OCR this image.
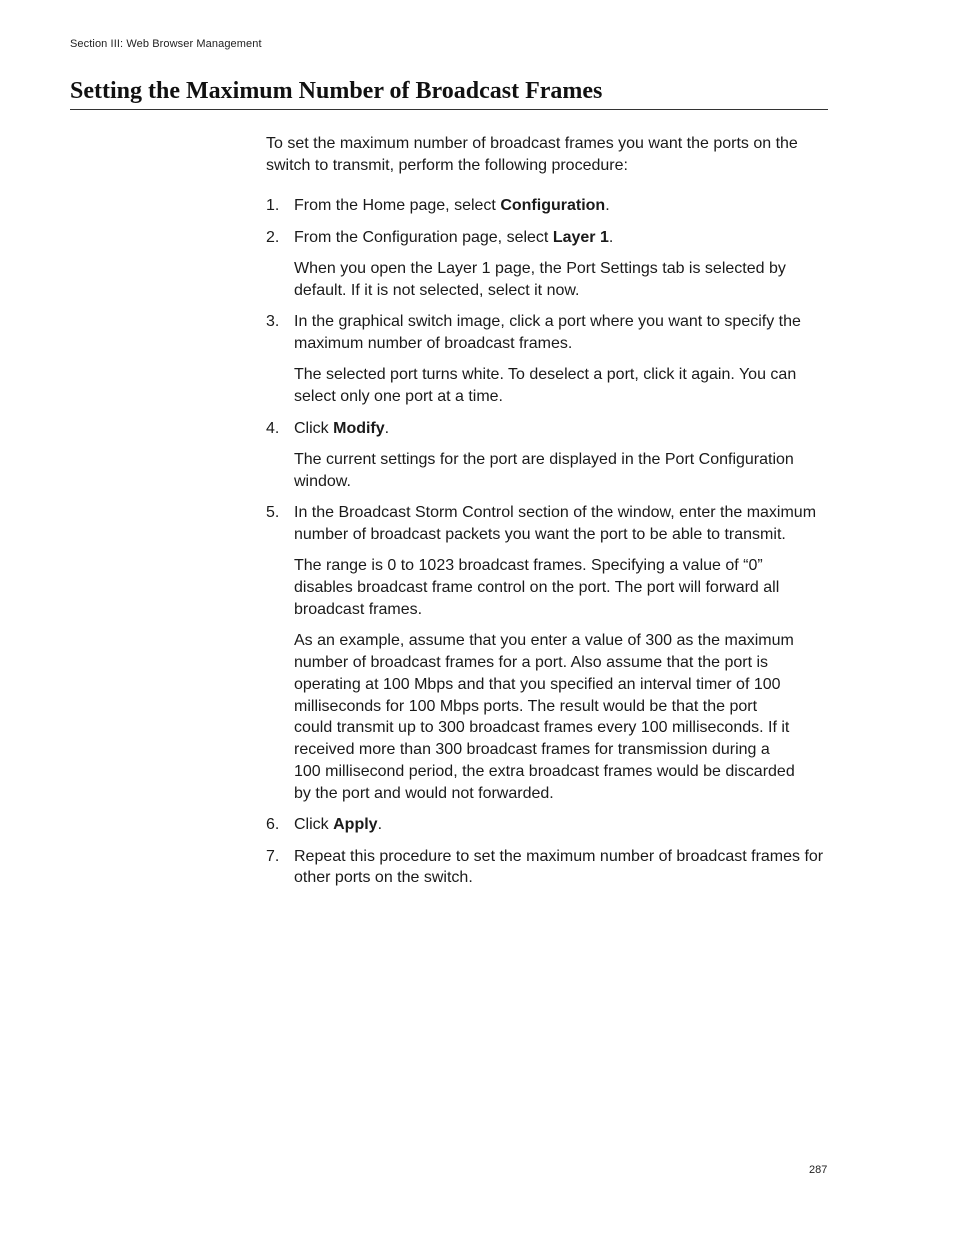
Section III: Web Browser Management
Setting the Maximum Number of Broadcast Frames

To set the maximum number of broadcast frames you want the ports on the switch to transmit, perform the following procedure:

1. From the Home page, select Configuration.

2. From the Configuration page, select Layer 1.

When you open the Layer 1 page, the Port Settings tab is selected by default. If it is not selected, select it now.

3. In the graphical switch image, click a port where you want to specify the maximum number of broadcast frames.

The selected port turns white. To deselect a port, click it again. You can select only one port at a time.

4. Click Modify.

The current settings for the port are displayed in the Port Configuration window.

5. In the Broadcast Storm Control section of the window, enter the maximum number of broadcast packets you want the port to be able to transmit.

The range is 0 to 1023 broadcast frames. Specifying a value of “0” disables broadcast frame control on the port. The port will forward all broadcast frames.

As an example, assume that you enter a value of 300 as the maximum number of broadcast frames for a port. Also assume that the port is operating at 100 Mbps and that you specified an interval timer of 100 milliseconds for 100 Mbps ports. The result would be that the port could transmit up to 300 broadcast frames every 100 milliseconds. If it received more than 300 broadcast frames for transmission during a 100 millisecond period, the extra broadcast frames would be discarded by the port and would not forwarded.

6. Click Apply.

7. Repeat this procedure to set the maximum number of broadcast frames for other ports on the switch.

287
